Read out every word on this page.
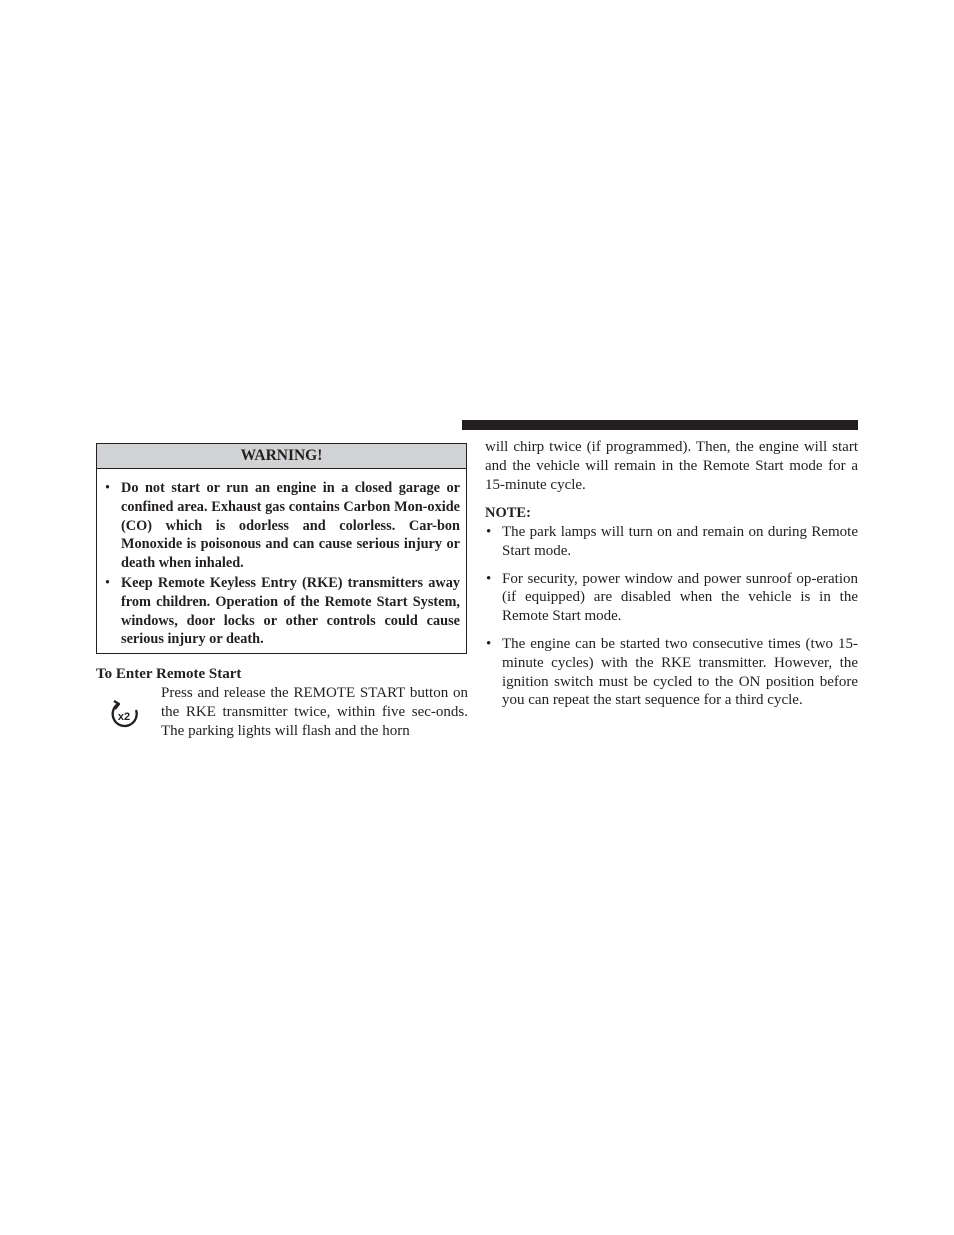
WARNING!
• Do not start or run an engine in a closed garage or confined area. Exhaust gas contains Carbon Mon-oxide (CO) which is odorless and colorless. Car-bon Monoxide is poisonous and can cause serious injury or death when inhaled.
• Keep Remote Keyless Entry (RKE) transmitters away from children. Operation of the Remote Start System, windows, door locks or other controls could cause serious injury or death.
To Enter Remote Start
x2

Press and release the REMOTE START button on the RKE transmitter twice, within five sec-onds. The parking lights will flash and the horn

will chirp twice (if programmed). Then, the engine will start and the vehicle will remain in the Remote Start mode for a 15-minute cycle.

NOTE:

• The park lamps will turn on and remain on during Remote Start mode.
• For security, power window and power sunroof op-eration (if equipped) are disabled when the vehicle is in the Remote Start mode.
• The engine can be started two consecutive times (two 15-minute cycles) with the RKE transmitter. However, the ignition switch must be cycled to the ON position before you can repeat the start sequence for a third cycle.
